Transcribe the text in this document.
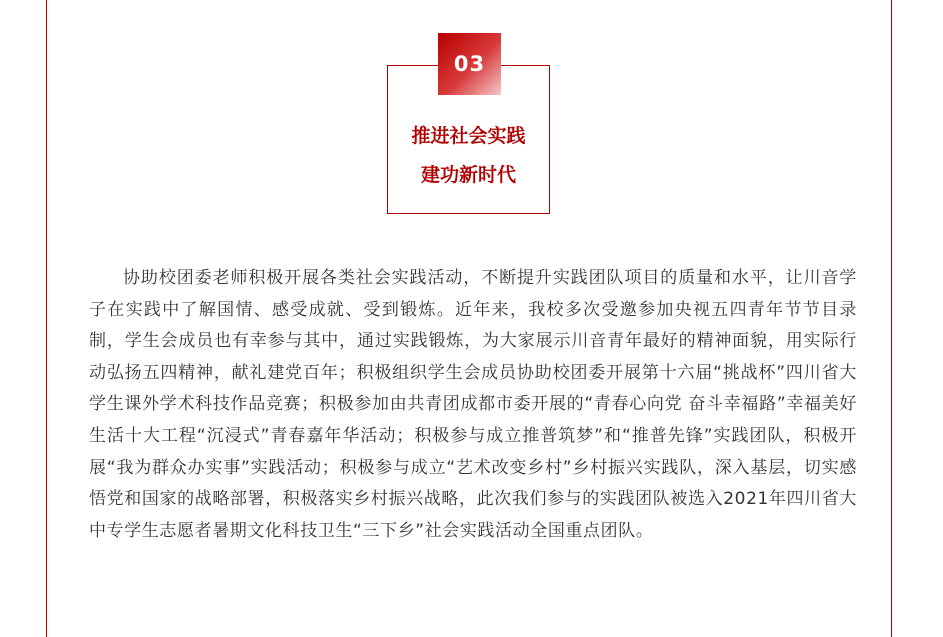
03
推进社会实践
建功新时代

协助校团委老师积极开展各类社会实践活动，不断提升实践团队项目的质量和水平，让川音学子在实践中了解国情、感受成就、受到锻炼。近年来，我校多次受邀参加央视五四青年节节目录制，学生会成员也有幸参与其中，通过实践锻炼，为大家展示川音青年最好的精神面貌，用实际行动弘扬五四精神，献礼建党百年；积极组织学生会成员协助校团委开展第十六届“挑战杯”四川省大学生课外学术科技作品竞赛；积极参加由共青团成都市委开展的“青春心向党 奋斗幸福路”幸福美好生活十大工程“沉浸式”青春嘉年华活动；积极参与成立推普筑梦”和“推普先锋”实践团队，积极开展“我为群众办实事”实践活动；积极参与成立“艺术改变乡村”乡村振兴实践队，深入基层，切实感悟党和国家的战略部署，积极落实乡村振兴战略，此次我们参与的实践团队被选入2021年四川省大中专学生志愿者暑期文化科技卫生“三下乡”社会实践活动全国重点团队。
